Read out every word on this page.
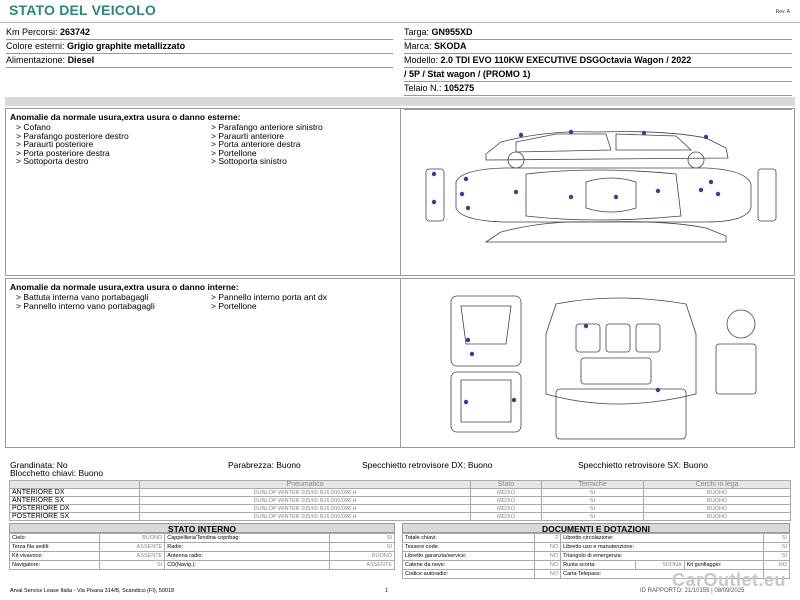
STATO DEL VEICOLO	Rev. A
Km Percorsi: 263742
Colore esterni: Grigio graphite metallizzato
Alimentazione: Diesel
Targa: GN955XD
Marca: SKODA
Modello: 2.0 TDI EVO 110KW EXECUTIVE DSGOctavia Wagon / 2022
/ 5P / Stat wagon / (PROMO 1)
Telaio N.: 105275
Anomalie da normale usura,extra usura o danno esterne:
> Cofano
> Parafango posteriore destro
> Paraurti posteriore
> Porta posteriore destra
> Sottoporta destro
> Parafango anteriore sinistro
> Paraurti anteriore
> Porta anteriore destra
> Portellone
> Sottoporta sinistro
Anomalie da normale usura,extra usura o danno interne:
> Battuta interna vano portabagagli
> Pannello interno vano portabagagli
> Pannello interno porta ant dx
> Portellone
Grandinata: No	Parabrezza: Buono	Specchietto retrovisore DX: Buono	Specchietto retrovisore SX: Buono
Blocchetto chiavi: Buono
	Pneumatico	Stato	Termiche	Cerchi in lega
ANTERIORE DX	DUNLOP WINTER 205/60 R16 000/096 H	MEDIO	SI	BUONO
ANTERIORE SX	DUNLOP WINTER 205/60 R16 000/096 H	MEDIO	SI	BUONO
POSTERIORE DX	DUNLOP WINTER 205/60 R16 000/096 H	MEDIO	SI	BUONO
POSTERIORE SX	DUNLOP WINTER 205/60 R16 000/096 H	MEDIO	SI	BUONO
STATO INTERNO
Cielo:	BUONO	Cappelliera/Tendina copribag:	SI
Terza fila sedili:	ASSENTE	Radio:	SI
Kit vivavoce:	ASSENTE	Antenna radio:	BUONO
Navigatore:	SI	CD(Navig.):	ASSENTE
DOCUMENTI E DOTAZIONI
Totale chiavi:	2	Libretto circolazione:			SI
Tessere code:	NO	Libretto uso e manutenzione:			SI
Libretto garanzia/service:	NO	Triangolo di emergenza:			SI
Catene da neve:	NO	Ruota scorta:	SUONA	Kit gonfiaggio:	NO
Codice autoradio:	NO	Carta Telepass:			
Arval Service Lease Italia - Via Pisana 314/B, Scandicci (FI), 50018	1	ID RAPPORTO: 21/10155 | 08/09/2025
CarOutlet.eu
